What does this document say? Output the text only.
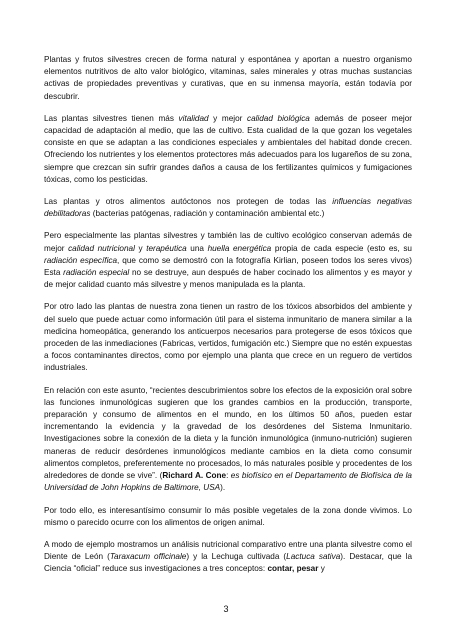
Plantas y frutos silvestres crecen de forma natural y espontánea y aportan a nuestro organismo elementos nutritivos de alto valor biológico, vitaminas, sales minerales y otras muchas sustancias activas de propiedades preventivas y curativas, que en su inmensa mayoría, están todavía por descubrir.

Las plantas silvestres tienen más vitalidad y mejor calidad biológica además de poseer mejor capacidad de adaptación al medio, que las de cultivo. Esta cualidad de la que gozan los vegetales consiste en que se adaptan a las condiciones especiales y ambientales del habitad donde crecen. Ofreciendo los nutrientes y los elementos protectores más adecuados para los lugareños de su zona, siempre que crezcan sin sufrir grandes daños a causa de los fertilizantes químicos y fumigaciones tóxicas, como los pesticidas.

Las plantas y otros alimentos autóctonos nos protegen de todas las influencias negativas debilitadoras (bacterias patógenas, radiación y contaminación ambiental etc.)

Pero especialmente las plantas silvestres y también las de cultivo ecológico conservan además de mejor calidad nutricional y terapéutica una huella energética propia de cada especie (esto es, su radiación específica, que como se demostró con la fotografía Kirlian, poseen todos los seres vivos) Esta radiación especial no se destruye, aun después de haber cocinado los alimentos y es mayor y de mejor calidad cuanto más silvestre y menos manipulada es la planta.

Por otro lado las plantas de nuestra zona tienen un rastro de los tóxicos absorbidos del ambiente y del suelo que puede actuar como información útil para el sistema inmunitario de manera similar a la medicina homeopática, generando los anticuerpos necesarios para protegerse de esos tóxicos que proceden de las inmediaciones (Fabricas, vertidos, fumigación etc.) Siempre que no estén expuestas a focos contaminantes directos, como por ejemplo una planta que crece en un reguero de vertidos industriales.

En relación con este asunto, “recientes descubrimientos sobre los efectos de la exposición oral sobre las funciones inmunológicas sugieren que los grandes cambios en la producción, transporte, preparación y consumo de alimentos en el mundo, en los últimos 50 años, pueden estar incrementando la evidencia y la gravedad de los desórdenes del Sistema Inmunitario. Investigaciones sobre la conexión de la dieta y la función inmunológica (inmuno-nutrición) sugieren maneras de reducir desórdenes inmunológicos mediante cambios en la dieta como consumir alimentos completos, preferentemente no procesados, lo más naturales posible y procedentes de los alrededores de donde se vive”. (Richard A. Cone: es biofísico en el Departamento de Biofísica de la Universidad de John Hopkins de Baltimore, USA).

Por todo ello, es interesantísimo consumir lo más posible vegetales de la zona donde vivimos. Lo mismo o parecido ocurre con los alimentos de origen animal.

A modo de ejemplo mostramos un análisis nutricional comparativo entre una planta silvestre como el Diente de León (Taraxacum officinale) y la Lechuga cultivada (Lactuca sativa). Destacar, que la Ciencia “oficial” reduce sus investigaciones a tres conceptos: contar, pesar y

3
